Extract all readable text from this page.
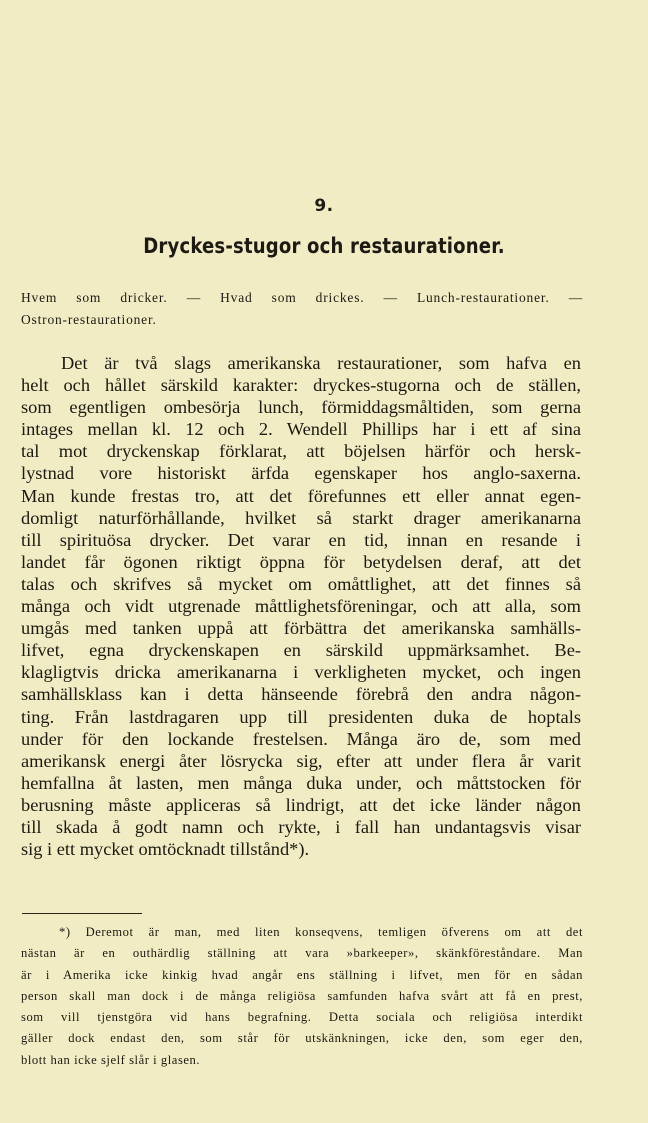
9.
Dryckes-stugor och restaurationer.
Hvem som dricker. — Hvad som drickes. — Lunch-restaurationer. —
Ostron-restaurationer.
Det är två slags amerikanska restaurationer, som hafva en
helt och hållet särskild karakter: dryckes-stugorna och de ställen,
som egentligen ombesörja lunch, förmiddagsmåltiden, som gerna
intages mellan kl. 12 och 2. Wendell Phillips har i ett af sina
tal mot dryckenskap förklarat, att böjelsen härför och hersk-
lystnad vore historiskt ärfda egenskaper hos anglo-saxerna.
Man kunde frestas tro, att det förefunnes ett eller annat egen-
domligt naturförhållande, hvilket så starkt drager amerikanarna
till spirituösa drycker. Det varar en tid, innan en resande i
landet får ögonen riktigt öppna för betydelsen deraf, att det
talas och skrifves så mycket om omåttlighet, att det finnes så
många och vidt utgrenade måttlighetsföreningar, och att alla, som
umgås med tanken uppå att förbättra det amerikanska samhälls-
lifvet, egna dryckenskapen en särskild uppmärksamhet. Be-
klagligtvis dricka amerikanarna i verkligheten mycket, och ingen
samhällsklass kan i detta hänseende förebrå den andra någon-
ting. Från lastdragaren upp till presidenten duka de hoptals
under för den lockande frestelsen. Många äro de, som med
amerikansk energi åter lösrycka sig, efter att under flera år varit
hemfallna åt lasten, men många duka under, och måttstocken för
berusning måste appliceras så lindrigt, att det icke länder någon
till skada å godt namn och rykte, i fall han undantagsvis visar
sig i ett mycket omtöcknadt tillstånd*).
*) Deremot är man, med liten konseqvens, temligen öfverens om att det
nästan är en outhärdlig ställning att vara »barkeeper», skänkföreståndare. Man
är i Amerika icke kinkig hvad angår ens ställning i lifvet, men för en sådan
person skall man dock i de många religiösa samfunden hafva svårt att få en prest,
som vill tjenstgöra vid hans begrafning. Detta sociala och religiösa interdikt
gäller dock endast den, som står för utskänkningen, icke den, som eger den,
blott han icke sjelf slår i glasen.
